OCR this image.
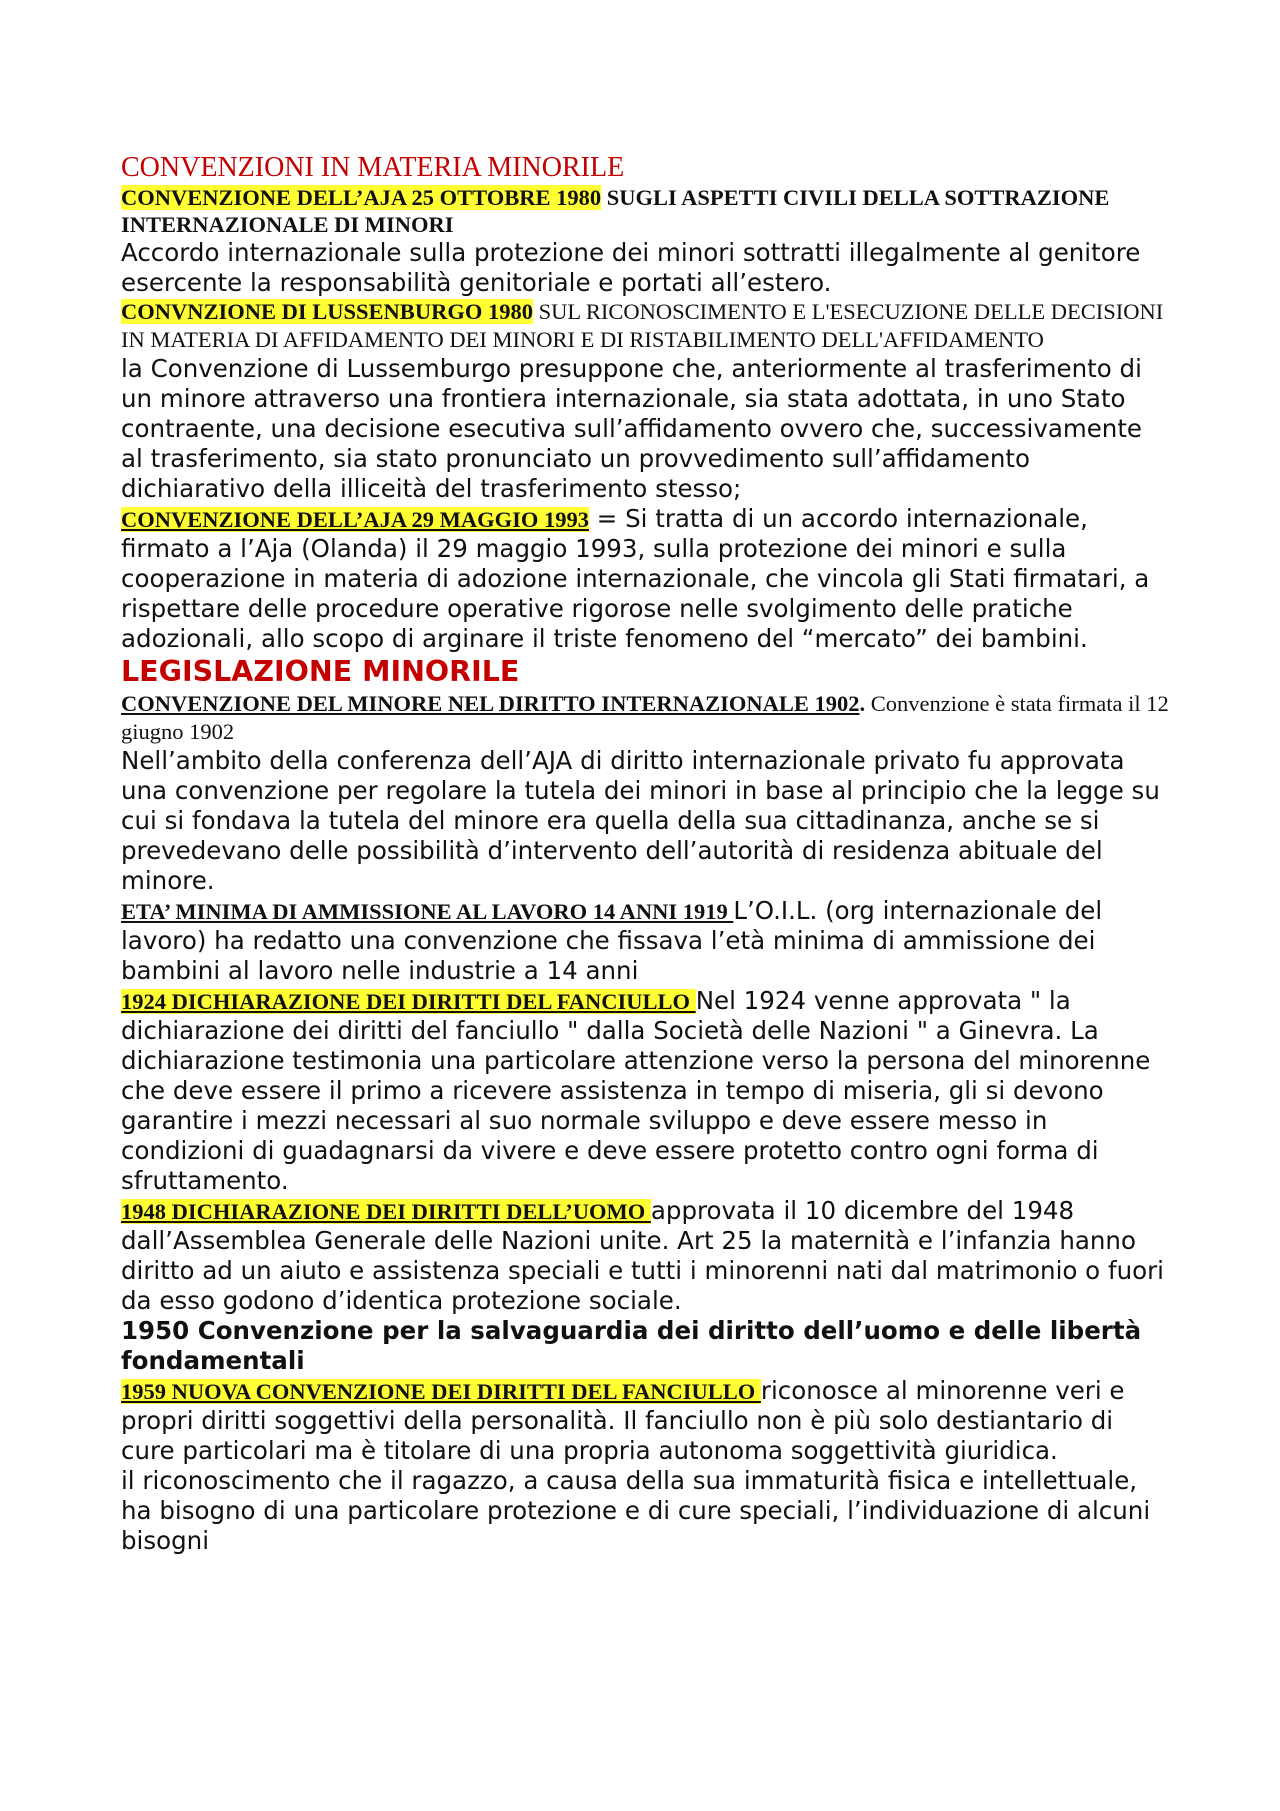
CONVENZIONI IN MATERIA MINORILE

CONVENZIONE DELL’AJA 25 OTTOBRE 1980 SUGLI ASPETTI CIVILI DELLA SOTTRAZIONE INTERNAZIONALE DI MINORI

Accordo internazionale sulla protezione dei minori sottratti illegalmente al genitore esercente la responsabilità genitoriale e portati all’estero.

CONVNZIONE DI LUSSENBURGO 1980 SUL RICONOSCIMENTO E L'ESECUZIONE DELLE DECISIONI IN MATERIA DI AFFIDAMENTO DEI MINORI E DI RISTABILIMENTO DELL'AFFIDAMENTO

la Convenzione di Lussemburgo presuppone che, anteriormente al trasferimento di un minore attraverso una frontiera internazionale, sia stata adottata, in uno Stato contraente, una decisione esecutiva sull’affidamento ovvero che, successivamente al trasferimento, sia stato pronunciato un provvedimento sull’affidamento dichiarativo della illiceità del trasferimento stesso;

CONVENZIONE DELL’AJA 29 MAGGIO 1993 = Si tratta di un accordo internazionale, firmato a l’Aja (Olanda) il 29 maggio 1993, sulla protezione dei minori e sulla cooperazione in materia di adozione internazionale, che vincola gli Stati firmatari, a rispettare delle procedure operative rigorose nelle svolgimento delle pratiche adozionali, allo scopo di arginare il triste fenomeno del “mercato” dei bambini.

LEGISLAZIONE MINORILE

CONVENZIONE DEL MINORE NEL DIRITTO INTERNAZIONALE 1902. Convenzione è stata firmata il 12 giugno 1902

Nell’ambito della conferenza dell’AJA di diritto internazionale privato fu approvata una convenzione per regolare la tutela dei minori in base al principio che la legge su cui si fondava la tutela del minore era quella della sua cittadinanza, anche se si prevedevano delle possibilità d’intervento dell’autorità di residenza abituale del minore.

ETA’ MINIMA DI AMMISSIONE AL LAVORO 14 ANNI 1919 L’O.I.L. (org internazionale del lavoro) ha redatto una convenzione che fissava l’età minima di ammissione dei bambini al lavoro nelle industrie a 14 anni

1924 DICHIARAZIONE DEI DIRITTI DEL FANCIULLO Nel 1924 venne approvata " la dichiarazione dei diritti del fanciullo " dalla Società delle Nazioni " a Ginevra. La dichiarazione testimonia una particolare attenzione verso la persona del minorenne che deve essere il primo a ricevere assistenza in tempo di miseria, gli si devono garantire i mezzi necessari al suo normale sviluppo e deve essere messo in condizioni di guadagnarsi da vivere e deve essere protetto contro ogni forma di sfruttamento.

1948 DICHIARAZIONE DEI DIRITTI DELL’UOMO approvata il 10 dicembre del 1948 dall’Assemblea Generale delle Nazioni unite. Art 25 la maternità e l’infanzia hanno diritto ad un aiuto e assistenza speciali e tutti i minorenni nati dal matrimonio o fuori da esso godono d’identica protezione sociale.

1950 Convenzione per la salvaguardia dei diritto dell’uomo e delle libertà fondamentali

1959 NUOVA CONVENZIONE DEI DIRITTI DEL FANCIULLO riconosce al minorenne veri e propri diritti soggettivi della personalità. Il fanciullo non è più solo destiantario di cure particolari ma è titolare di una propria autonoma soggettività giuridica.

il riconoscimento che il ragazzo, a causa della sua immaturità fisica e intellettuale, ha bisogno di una particolare protezione e di cure speciali, l’individuazione di alcuni bisogni
